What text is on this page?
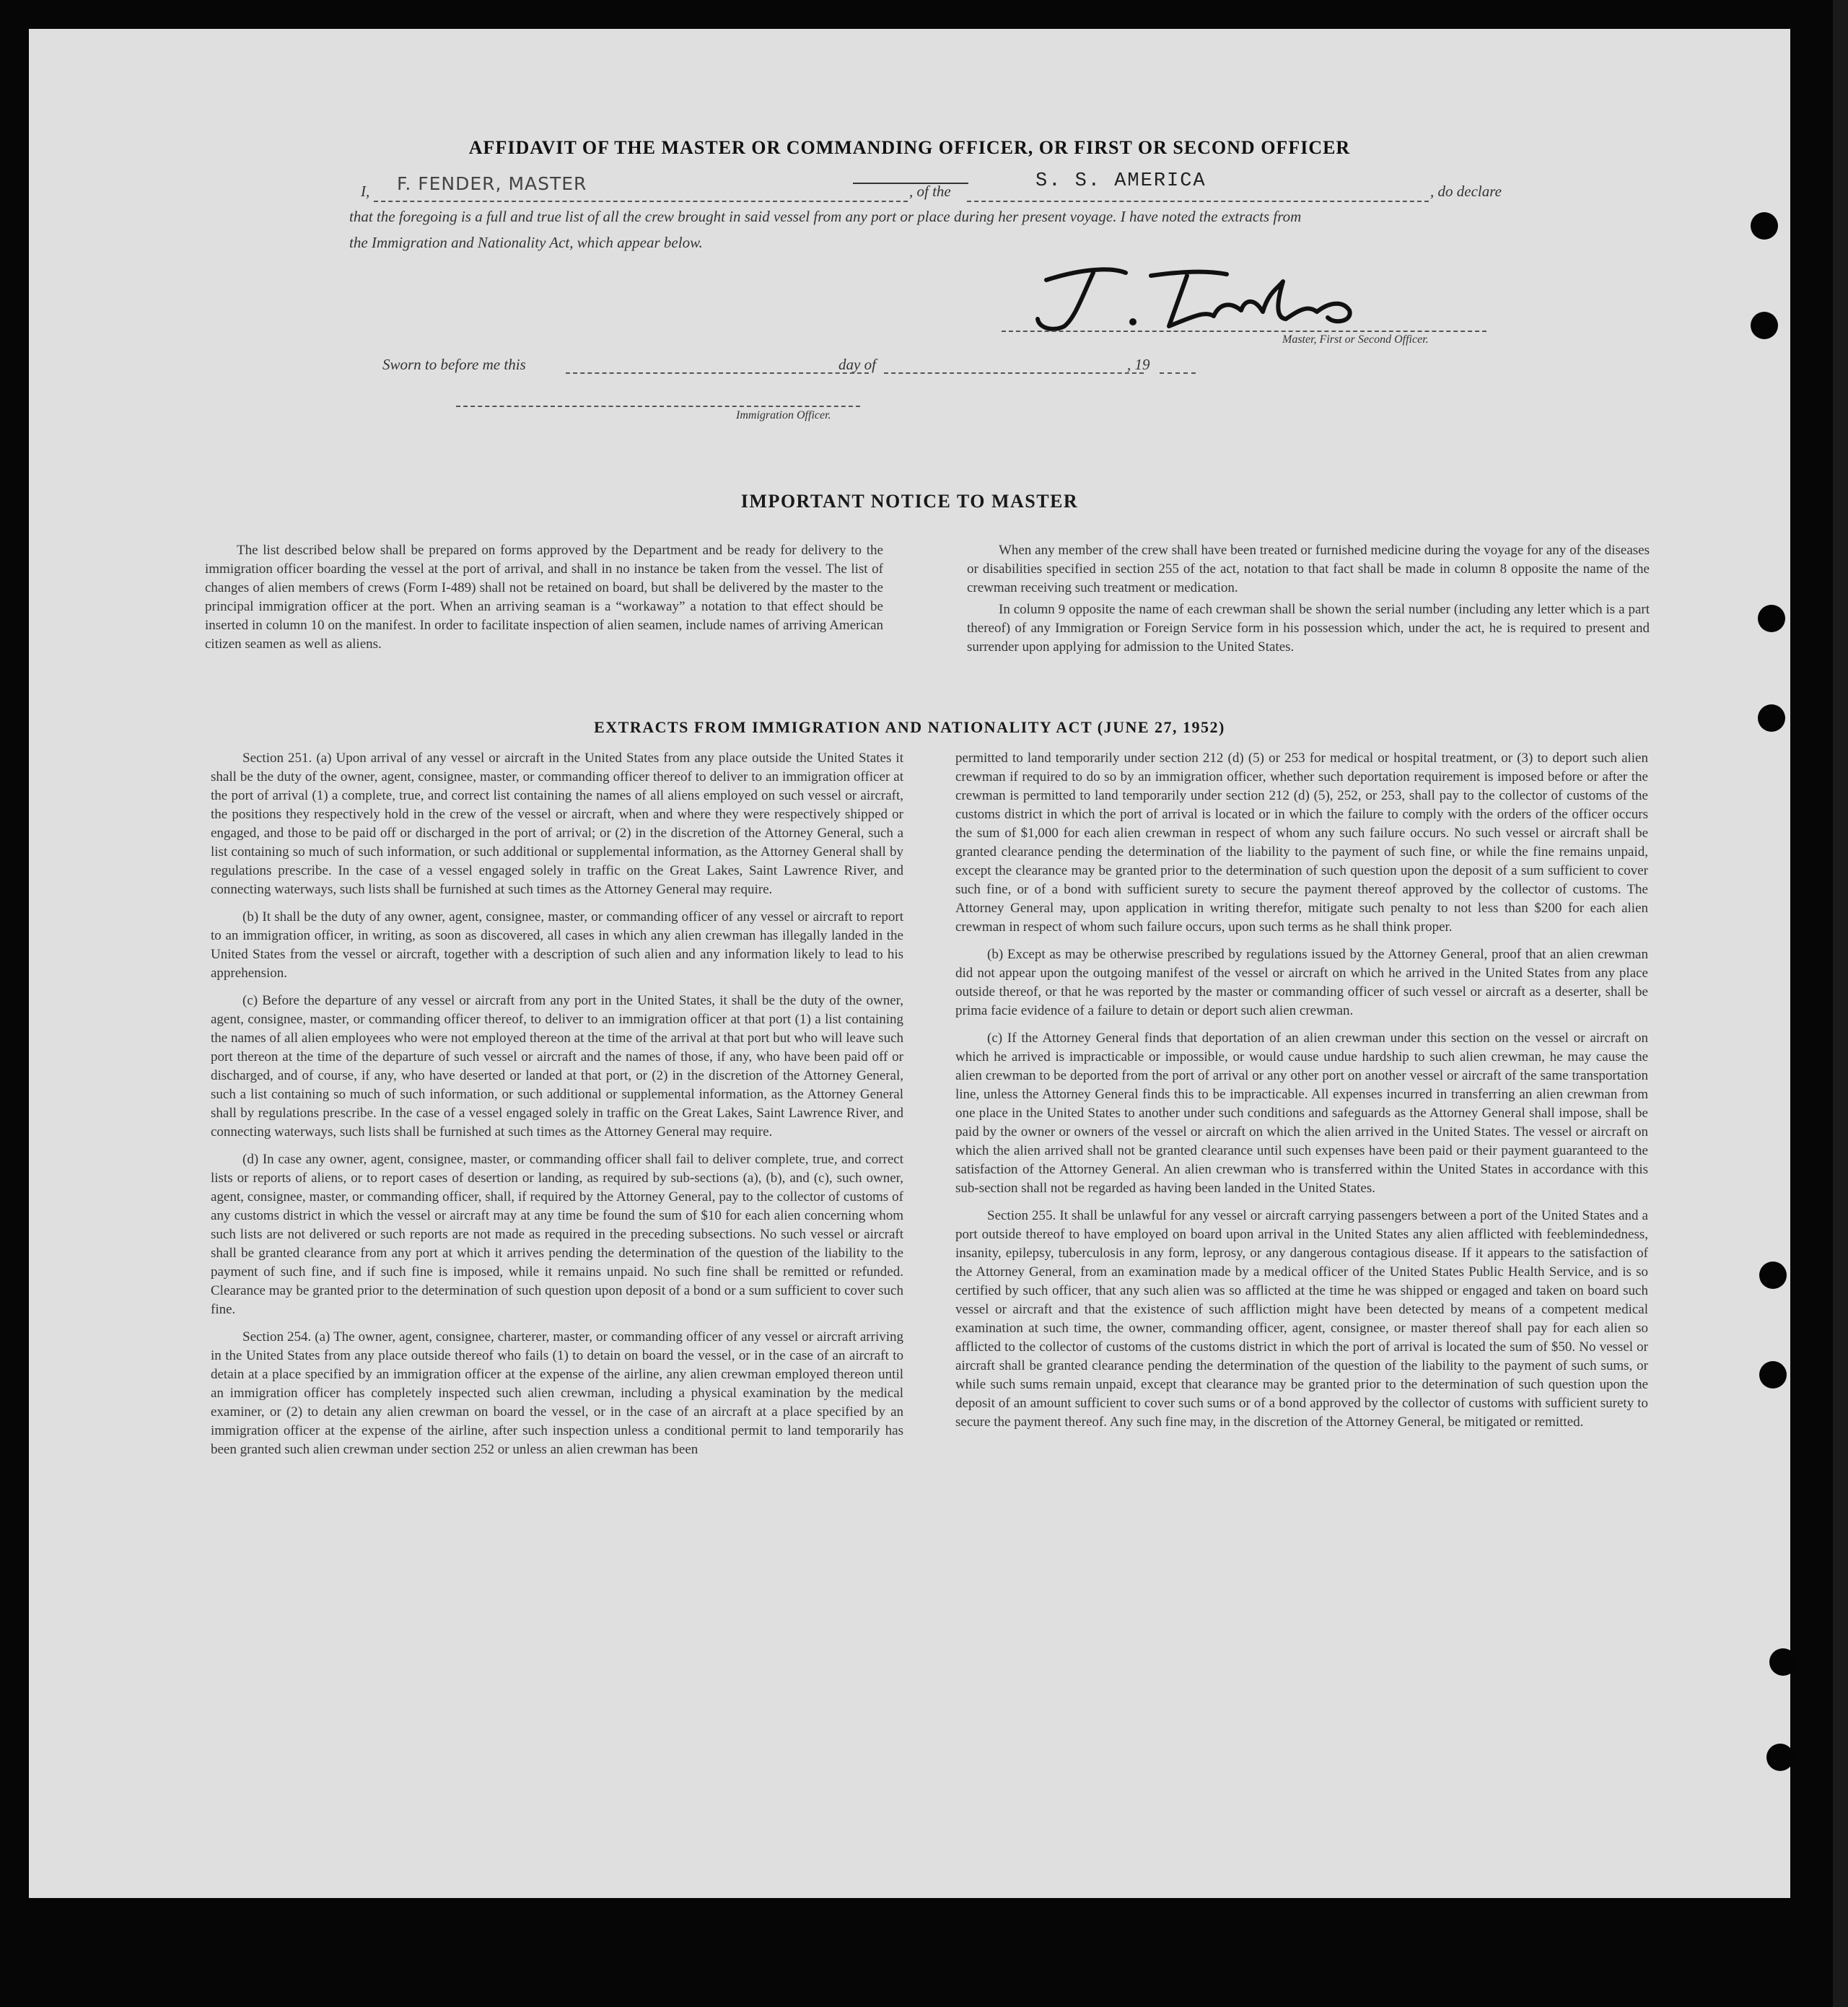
AFFIDAVIT OF THE MASTER OR COMMANDING OFFICER, OR FIRST OR SECOND OFFICER
I, F. FENDER, MASTER	, of the	S. S. AMERICA	, do declare
that the foregoing is a full and true list of all the crew brought in said vessel from any port or place during her present voyage. I have noted the extracts from
the Immigration and Nationality Act, which appear below.
Master, First or Second Officer.
Sworn to before me this	day of	, 19
Immigration Officer.
IMPORTANT NOTICE TO MASTER

The list described below shall be prepared on forms approved by the Department and be ready for delivery to the immigration officer boarding the vessel at the port of arrival, and shall in no instance be taken from the vessel. The list of changes of alien members of crews (Form I-489) shall not be retained on board, but shall be delivered by the master to the principal immigration officer at the port. When an arriving seaman is a “workaway” a notation to that effect should be inserted in column 10 on the manifest. In order to facilitate inspection of alien seamen, include names of arriving American citizen seamen as well as aliens.

When any member of the crew shall have been treated or furnished medicine during the voyage for any of the diseases or disabilities specified in section 255 of the act, notation to that fact shall be made in column 8 opposite the name of the crewman receiving such treatment or medication.

In column 9 opposite the name of each crewman shall be shown the serial number (including any letter which is a part thereof) of any Immigration or Foreign Service form in his possession which, under the act, he is required to present and surrender upon applying for admission to the United States.

EXTRACTS FROM IMMIGRATION AND NATIONALITY ACT (JUNE 27, 1952)

Section 251. (a) Upon arrival of any vessel or aircraft in the United States from any place outside the United States it shall be the duty of the owner, agent, consignee, master, or commanding officer thereof to deliver to an immigration officer at the port of arrival (1) a complete, true, and correct list containing the names of all aliens employed on such vessel or aircraft, the positions they respectively hold in the crew of the vessel or aircraft, when and where they were respectively shipped or engaged, and those to be paid off or discharged in the port of arrival; or (2) in the discretion of the Attorney General, such a list containing so much of such information, or such additional or supplemental information, as the Attorney General shall by regulations prescribe. In the case of a vessel engaged solely in traffic on the Great Lakes, Saint Lawrence River, and connecting waterways, such lists shall be furnished at such times as the Attorney General may require.

(b) It shall be the duty of any owner, agent, consignee, master, or commanding officer of any vessel or aircraft to report to an immigration officer, in writing, as soon as discovered, all cases in which any alien crewman has illegally landed in the United States from the vessel or aircraft, together with a description of such alien and any information likely to lead to his apprehension.

(c) Before the departure of any vessel or aircraft from any port in the United States, it shall be the duty of the owner, agent, consignee, master, or commanding officer thereof, to deliver to an immigration officer at that port (1) a list containing the names of all alien employees who were not employed thereon at the time of the arrival at that port but who will leave such port thereon at the time of the departure of such vessel or aircraft and the names of those, if any, who have been paid off or discharged, and of course, if any, who have deserted or landed at that port, or (2) in the discretion of the Attorney General, such a list containing so much of such information, or such additional or supplemental information, as the Attorney General shall by regulations prescribe. In the case of a vessel engaged solely in traffic on the Great Lakes, Saint Lawrence River, and connecting waterways, such lists shall be furnished at such times as the Attorney General may require.

(d) In case any owner, agent, consignee, master, or commanding officer shall fail to deliver complete, true, and correct lists or reports of aliens, or to report cases of desertion or landing, as required by sub-sections (a), (b), and (c), such owner, agent, consignee, master, or commanding officer, shall, if required by the Attorney General, pay to the collector of customs of any customs district in which the vessel or aircraft may at any time be found the sum of $10 for each alien concerning whom such lists are not delivered or such reports are not made as required in the preceding subsections. No such vessel or aircraft shall be granted clearance from any port at which it arrives pending the determination of the question of the liability to the payment of such fine, and if such fine is imposed, while it remains unpaid. No such fine shall be remitted or refunded. Clearance may be granted prior to the determination of such question upon deposit of a bond or a sum sufficient to cover such fine.

Section 254. (a) The owner, agent, consignee, charterer, master, or commanding officer of any vessel or aircraft arriving in the United States from any place outside thereof who fails (1) to detain on board the vessel, or in the case of an aircraft to detain at a place specified by an immigration officer at the expense of the airline, any alien crewman employed thereon until an immigration officer has completely inspected such alien crewman, including a physical examination by the medical examiner, or (2) to detain any alien crewman on board the vessel, or in the case of an aircraft at a place specified by an immigration officer at the expense of the airline, after such inspection unless a conditional permit to land temporarily has been granted such alien crewman under section 252 or unless an alien crewman has been

permitted to land temporarily under section 212 (d) (5) or 253 for medical or hospital treatment, or (3) to deport such alien crewman if required to do so by an immigration officer, whether such deportation requirement is imposed before or after the crewman is permitted to land temporarily under section 212 (d) (5), 252, or 253, shall pay to the collector of customs of the customs district in which the port of arrival is located or in which the failure to comply with the orders of the officer occurs the sum of $1,000 for each alien crewman in respect of whom any such failure occurs. No such vessel or aircraft shall be granted clearance pending the determination of the liability to the payment of such fine, or while the fine remains unpaid, except the clearance may be granted prior to the determination of such question upon the deposit of a sum sufficient to cover such fine, or of a bond with sufficient surety to secure the payment thereof approved by the collector of customs. The Attorney General may, upon application in writing therefor, mitigate such penalty to not less than $200 for each alien crewman in respect of whom such failure occurs, upon such terms as he shall think proper.

(b) Except as may be otherwise prescribed by regulations issued by the Attorney General, proof that an alien crewman did not appear upon the outgoing manifest of the vessel or aircraft on which he arrived in the United States from any place outside thereof, or that he was reported by the master or commanding officer of such vessel or aircraft as a deserter, shall be prima facie evidence of a failure to detain or deport such alien crewman.

(c) If the Attorney General finds that deportation of an alien crewman under this section on the vessel or aircraft on which he arrived is impracticable or impossible, or would cause undue hardship to such alien crewman, he may cause the alien crewman to be deported from the port of arrival or any other port on another vessel or aircraft of the same transportation line, unless the Attorney General finds this to be impracticable. All expenses incurred in transferring an alien crewman from one place in the United States to another under such conditions and safeguards as the Attorney General shall impose, shall be paid by the owner or owners of the vessel or aircraft on which the alien arrived in the United States. The vessel or aircraft on which the alien arrived shall not be granted clearance until such expenses have been paid or their payment guaranteed to the satisfaction of the Attorney General. An alien crewman who is transferred within the United States in accordance with this sub-section shall not be regarded as having been landed in the United States.

Section 255. It shall be unlawful for any vessel or aircraft carrying passengers between a port of the United States and a port outside thereof to have employed on board upon arrival in the United States any alien afflicted with feeblemindedness, insanity, epilepsy, tuberculosis in any form, leprosy, or any dangerous contagious disease. If it appears to the satisfaction of the Attorney General, from an examination made by a medical officer of the United States Public Health Service, and is so certified by such officer, that any such alien was so afflicted at the time he was shipped or engaged and taken on board such vessel or aircraft and that the existence of such affliction might have been detected by means of a competent medical examination at such time, the owner, commanding officer, agent, consignee, or master thereof shall pay for each alien so afflicted to the collector of customs of the customs district in which the port of arrival is located the sum of $50. No vessel or aircraft shall be granted clearance pending the determination of the question of the liability to the payment of such sums, or while such sums remain unpaid, except that clearance may be granted prior to the determination of such question upon the deposit of an amount sufficient to cover such sums or of a bond approved by the collector of customs with sufficient surety to secure the payment thereof. Any such fine may, in the discretion of the Attorney General, be mitigated or remitted.
